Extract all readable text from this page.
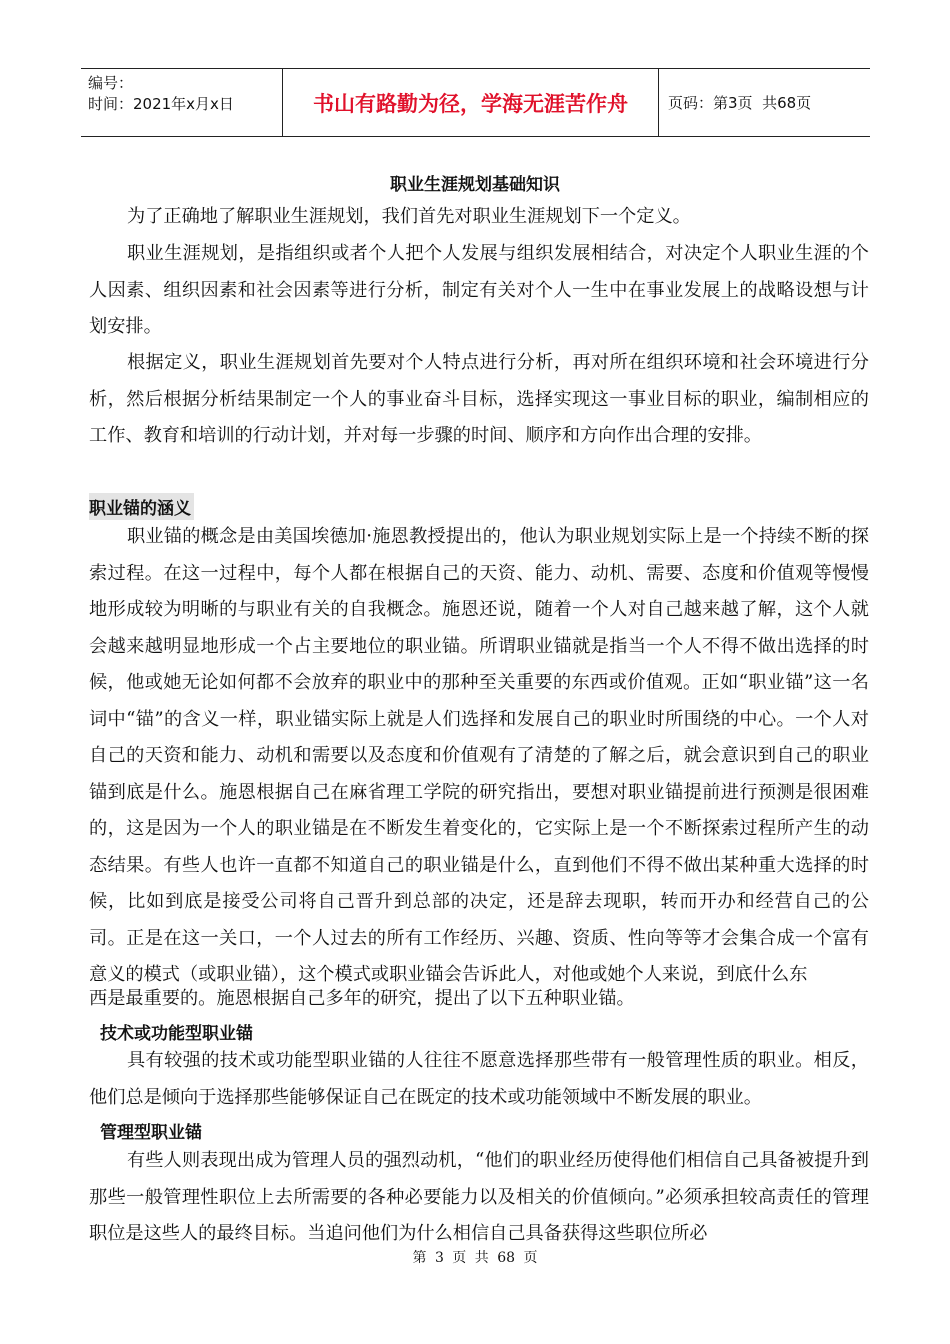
编号：
时间：2021年x月x日	书山有路勤为径，学海无涯苦作舟	页码：第3页  共68页
职业生涯规划基础知识

为了正确地了解职业生涯规划，我们首先对职业生涯规划下一个定义。

职业生涯规划，是指组织或者个人把个人发展与组织发展相结合，对决定个人职业生涯的个人因素、组织因素和社会因素等进行分析，制定有关对个人一生中在事业发展上的战略设想与计划安排。

根据定义，职业生涯规划首先要对个人特点进行分析，再对所在组织环境和社会环境进行分析，然后根据分析结果制定一个人的事业奋斗目标，选择实现这一事业目标的职业，编制相应的工作、教育和培训的行动计划，并对每一步骤的时间、顺序和方向作出合理的安排。

职业锚的涵义

职业锚的概念是由美国埃德加·施恩教授提出的，他认为职业规划实际上是一个持续不断的探索过程。在这一过程中，每个人都在根据自己的天资、能力、动机、需要、态度和价值观等慢慢地形成较为明晰的与职业有关的自我概念。施恩还说，随着一个人对自己越来越了解，这个人就会越来越明显地形成一个占主要地位的职业锚。所谓职业锚就是指当一个人不得不做出选择的时候，他或她无论如何都不会放弃的职业中的那种至关重要的东西或价值观。正如“职业锚”这一名词中“锚”的含义一样，职业锚实际上就是人们选择和发展自己的职业时所围绕的中心。一个人对自己的天资和能力、动机和需要以及态度和价值观有了清楚的了解之后，就会意识到自己的职业锚到底是什么。施恩根据自己在麻省理工学院的研究指出，要想对职业锚提前进行预测是很困难的，这是因为一个人的职业锚是在不断发生着变化的，它实际上是一个不断探索过程所产生的动态结果。有些人也许一直都不知道自己的职业锚是什么，直到他们不得不做出某种重大选择的时候，比如到底是接受公司将自己晋升到总部的决定，还是辞去现职，转而开办和经营自己的公司。正是在这一关口，一个人过去的所有工作经历、兴趣、资质、性向等等才会集合成一个富有意义的模式（或职业锚），这个模式或职业锚会告诉此人，对他或她个人来说，到底什么东

西是最重要的。施恩根据自己多年的研究，提出了以下五种职业锚。

技术或功能型职业锚

具有较强的技术或功能型职业锚的人往往不愿意选择那些带有一般管理性质的职业。相反，他们总是倾向于选择那些能够保证自己在既定的技术或功能领域中不断发展的职业。

管理型职业锚

有些人则表现出成为管理人员的强烈动机，“他们的职业经历使得他们相信自己具备被提升到那些一般管理性职位上去所需要的各种必要能力以及相关的价值倾向。”必须承担较高责任的管理职位是这些人的最终目标。当追问他们为什么相信自己具备获得这些职位所必

第 3 页 共 68 页
